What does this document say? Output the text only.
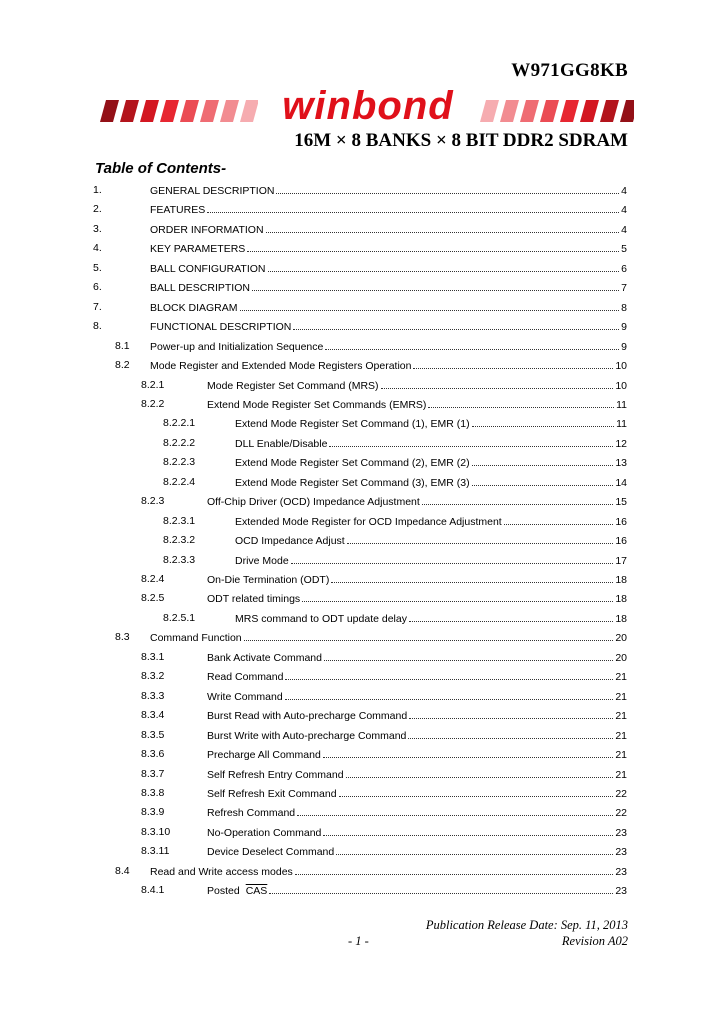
W971GG8KB
winbond
16M × 8 BANKS × 8 BIT DDR2 SDRAM
Table of Contents-
1.	GENERAL DESCRIPTION	4
2.	FEATURES	4
3.	ORDER INFORMATION	4
4.	KEY PARAMETERS	5
5.	BALL CONFIGURATION	6
6.	BALL DESCRIPTION	7
7.	BLOCK DIAGRAM	8
8.	FUNCTIONAL DESCRIPTION	9
8.1 Power-up and Initialization Sequence	9
8.2 Mode Register and Extended Mode Registers Operation	10
8.2.1	Mode Register Set Command (MRS)	10
8.2.2	Extend Mode Register Set Commands (EMRS)	11
8.2.2.1	Extend Mode Register Set Command (1), EMR (1)	11
8.2.2.2	DLL Enable/Disable	12
8.2.2.3	Extend Mode Register Set Command (2), EMR (2)	13
8.2.2.4	Extend Mode Register Set Command (3), EMR (3)	14
8.2.3	Off-Chip Driver (OCD) Impedance Adjustment	15
8.2.3.1	Extended Mode Register for OCD Impedance Adjustment	16
8.2.3.2	OCD Impedance Adjust	16
8.2.3.3	Drive Mode	17
8.2.4	On-Die Termination (ODT)	18
8.2.5	ODT related timings	18
8.2.5.1	MRS command to ODT update delay	18
8.3 Command Function	20
8.3.1	Bank Activate Command	20
8.3.2	Read Command	21
8.3.3	Write Command	21
8.3.4	Burst Read with Auto-precharge Command	21
8.3.5	Burst Write with Auto-precharge Command	21
8.3.6	Precharge All Command	21
8.3.7	Self Refresh Entry Command	21
8.3.8	Self Refresh Exit Command	22
8.3.9	Refresh Command	22
8.3.10	No-Operation Command	23
8.3.11	Device Deselect Command	23
8.4 Read and Write access modes	23
8.4.1	Posted $\overline{CAS}$	23
Publication Release Date: Sep. 11, 2013
- 1 -	Revision A02
